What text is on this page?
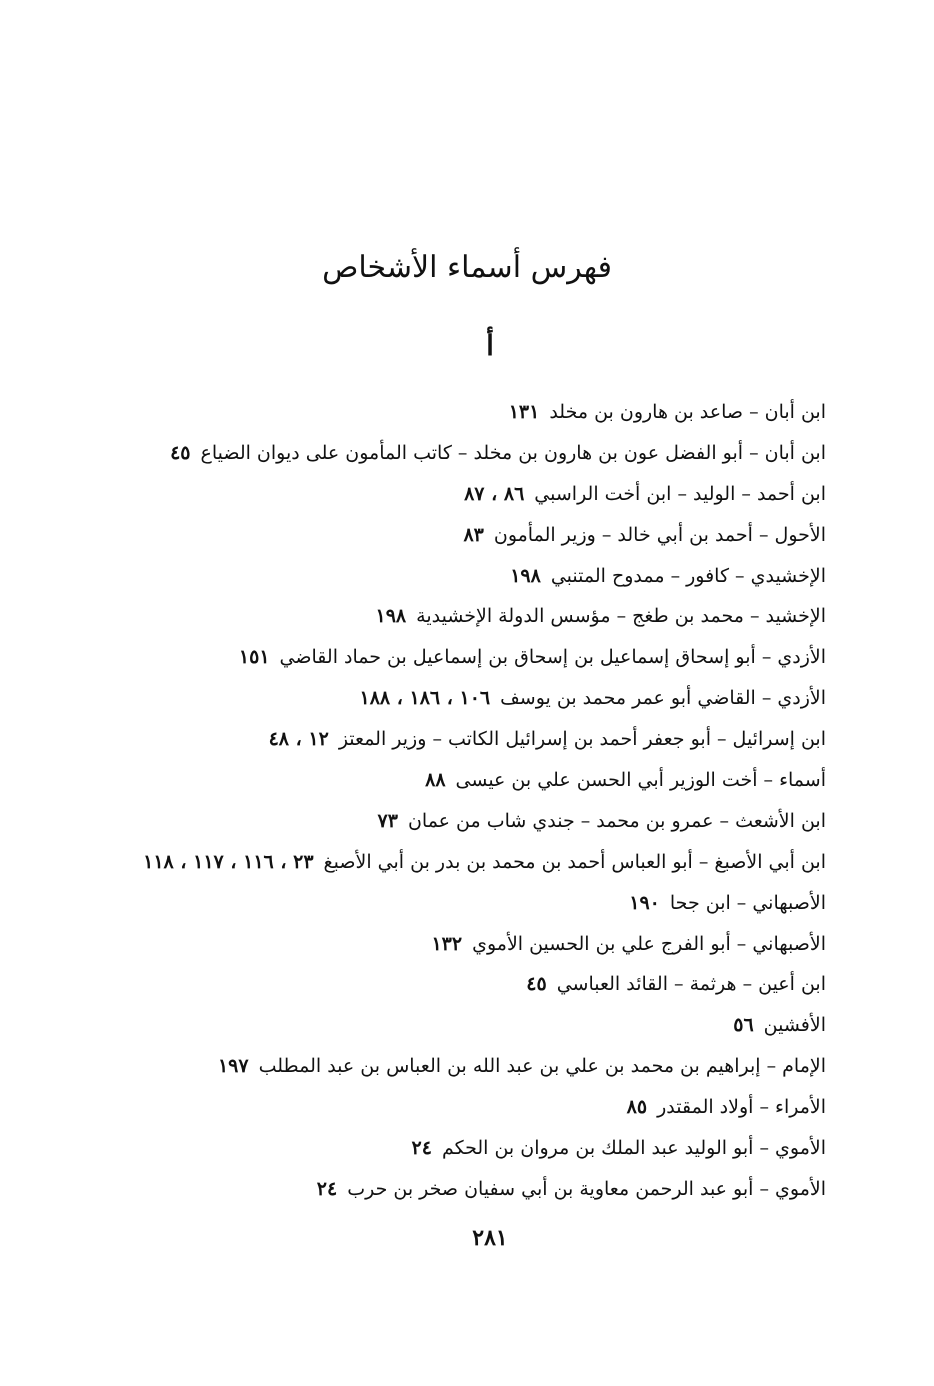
فهرس أسماء الأشخاص
أ
ابن أبان – صاعد بن هارون بن مخلد١٣١
ابن أبان – أبو الفضل عون بن هارون بن مخلد – كاتب المأمون على ديوان الضياع٤٥
ابن أحمد – الوليد – ابن أخت الراسبي٨٦ ، ٨٧
الأحول – أحمد بن أبي خالد – وزير المأمون٨٣
الإخشيدي – كافور – ممدوح المتنبي١٩٨
الإخشيد – محمد بن طغج – مؤسس الدولة الإخشيدية١٩٨
الأزدي – أبو إسحاق إسماعيل بن إسحاق بن إسماعيل بن حماد القاضي١٥١
الأزدي – القاضي أبو عمر محمد بن يوسف١٠٦ ، ١٨٦ ، ١٨٨
ابن إسرائيل – أبو جعفر أحمد بن إسرائيل الكاتب – وزير المعتز١٢ ، ٤٨
أسماء – أخت الوزير أبي الحسن علي بن عيسى٨٨
ابن الأشعث – عمرو بن محمد – جندي شاب من عمان٧٣
ابن أبي الأصبغ – أبو العباس أحمد بن محمد بن بدر بن أبي الأصبغ٢٣ ، ١١٦ ، ١١٧ ، ١١٨
الأصبهاني – ابن جحا١٩٠
الأصبهاني – أبو الفرج علي بن الحسين الأموي١٣٢
ابن أعين – هرثمة – القائد العباسي٤٥
الأفشين٥٦
الإمام – إبراهيم بن محمد بن علي بن عبد الله بن العباس بن عبد المطلب١٩٧
الأمراء – أولاد المقتدر٨٥
الأموي – أبو الوليد عبد الملك بن مروان بن الحكم٢٤
الأموي – أبو عبد الرحمن معاوية بن أبي سفيان صخر بن حرب٢٤
٢٨١
